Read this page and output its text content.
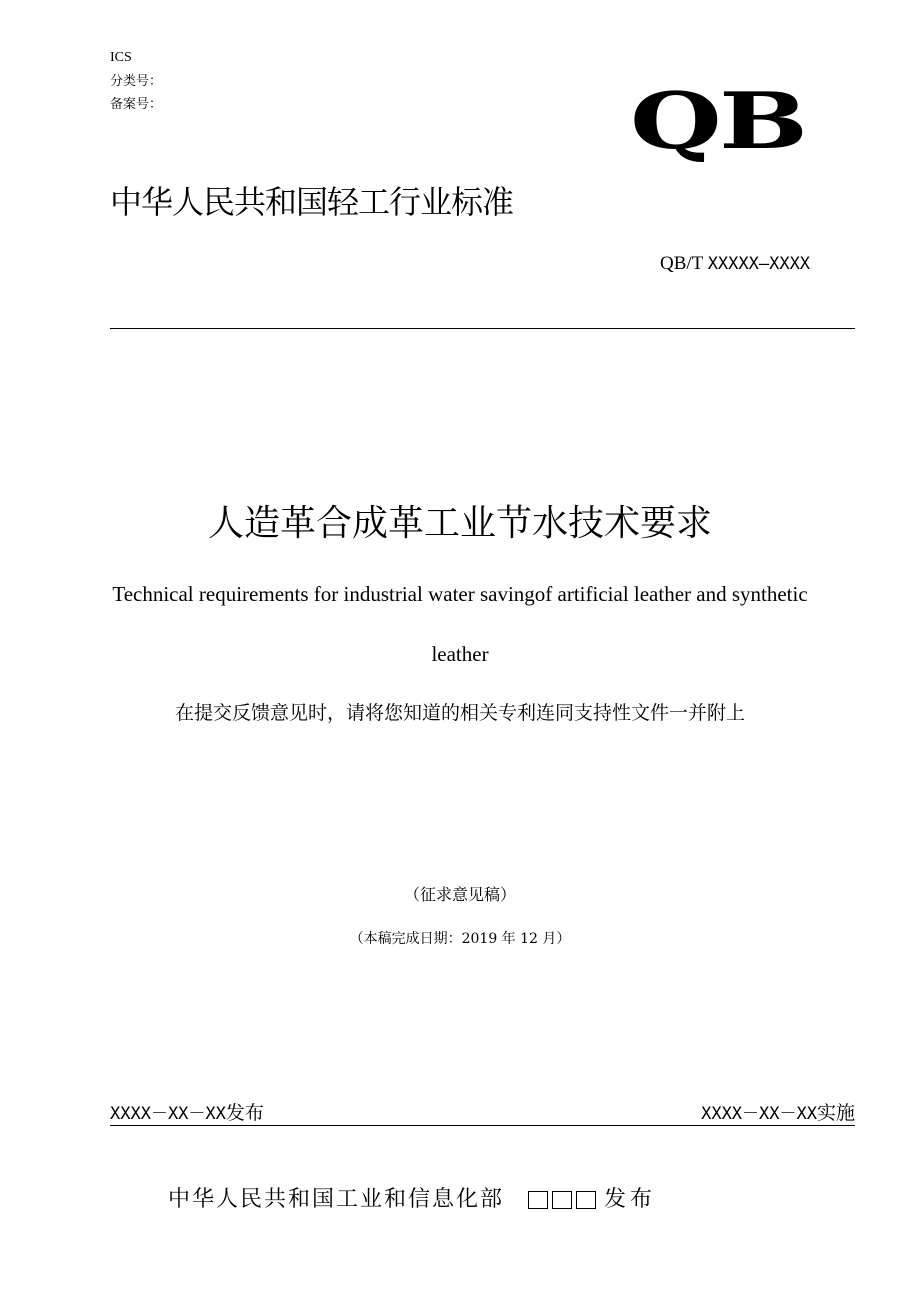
ICS
分类号：
备案号：	QB
中华人民共和国轻工行业标准
QB/T XXXXX—XXXX
人造革合成革工业节水技术要求
Technical requirements for industrial water savingof artificial leather and synthetic
leather
在提交反馈意见时，请将您知道的相关专利连同支持性文件一并附上
（征求意见稿）
（本稿完成日期：2019 年 12 月）
XXXX－XX－XX发布	XXXX－XX－XX实施
中华人民共和国工业和信息化部	发布
